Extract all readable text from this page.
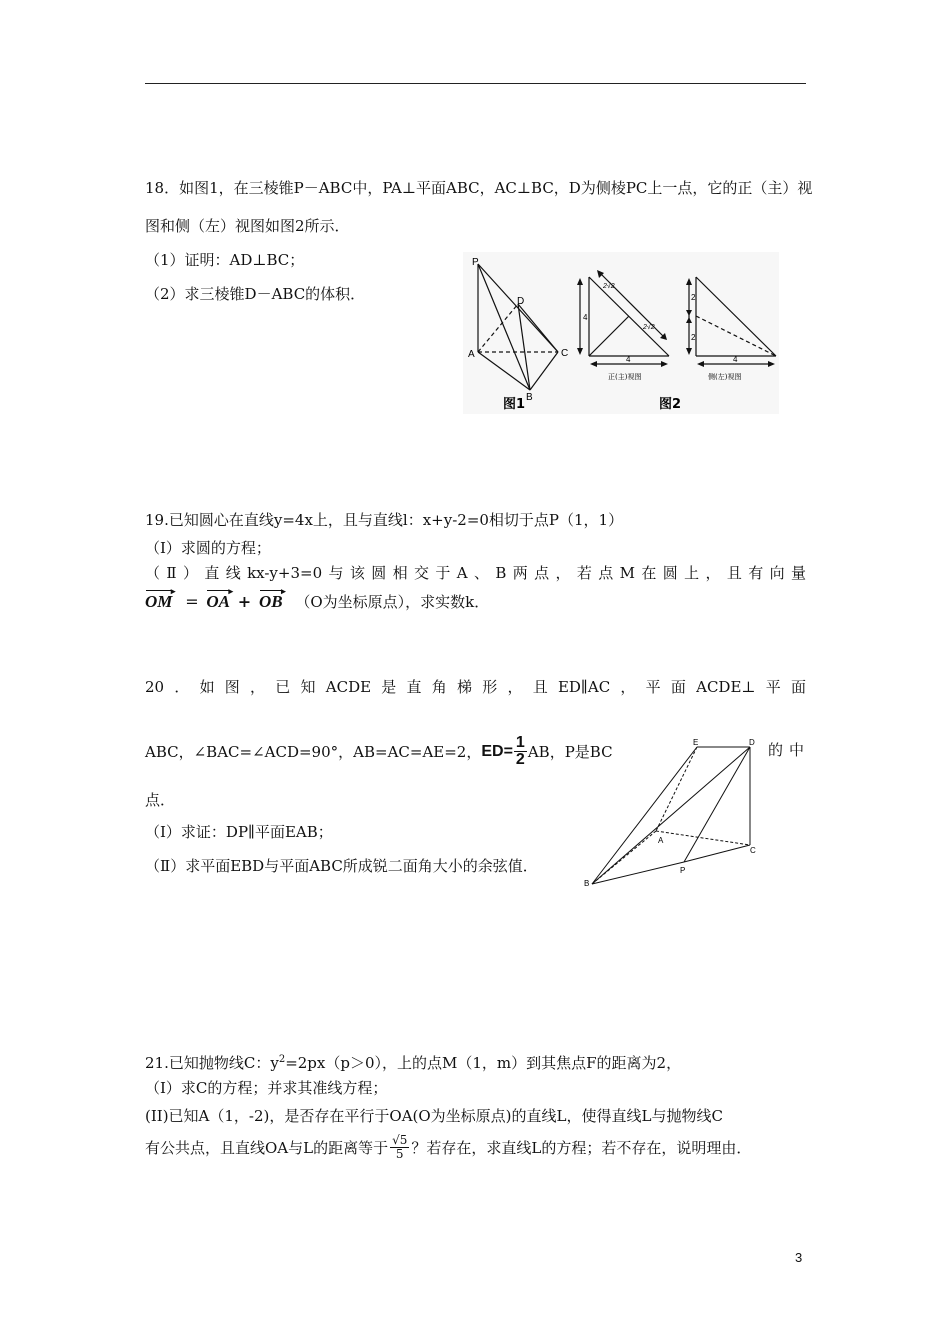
18．如图1，在三棱锥P－ABC中，PA⊥平面ABC，AC⊥BC，D为侧棱PC上一点，它的正（主）视
图和侧（左）视图如图2所示．
（1）证明：AD⊥BC；
（2）求三棱锥D－ABC的体积．
P
A
B
C
D
图1
4
4
2√2
2√2
正(主)视图
2
2
4
侧(左)视图
图2
19.已知圆心在直线y=4x上，且与直线l：x+y-2=0相切于点P（1，1）
（Ⅰ）求圆的方程；
（Ⅱ）直线kx-y+3=0与该圆相交于A、B两点，若点M在圆上，且有向量
OM ▸ = OA ▸ + OB ▸ （O为坐标原点），求实数k．
20．如图，已知ACDE是直角梯形，且ED∥AC，平面ACDE⊥平面
ABC，∠BAC=∠ACD=90°，AB=AC=AE=2， $ED= \frac{1}{2}$ AB ，P是BC	的中
点．
（Ⅰ）求证：DP∥平面EAB；
（Ⅱ）求平面EBD与平面ABC所成锐二面角大小的余弦值．
E	D
A
C
P
B
21.已知抛物线C：$y^2=2px(p>0)$，上的点M（1，m）到其焦点F的距离为2，
（Ⅰ）求C的方程；并求其准线方程；
(II)已知A（1，-2)，是否存在平行于OA(O为坐标原点)的直线L，使得直线L与抛物线C
有公共点，且直线OA与L的距离等于 $\frac{√5}{5}$ ？若存在，求直线L的方程；若不存在，说明理由．
3
